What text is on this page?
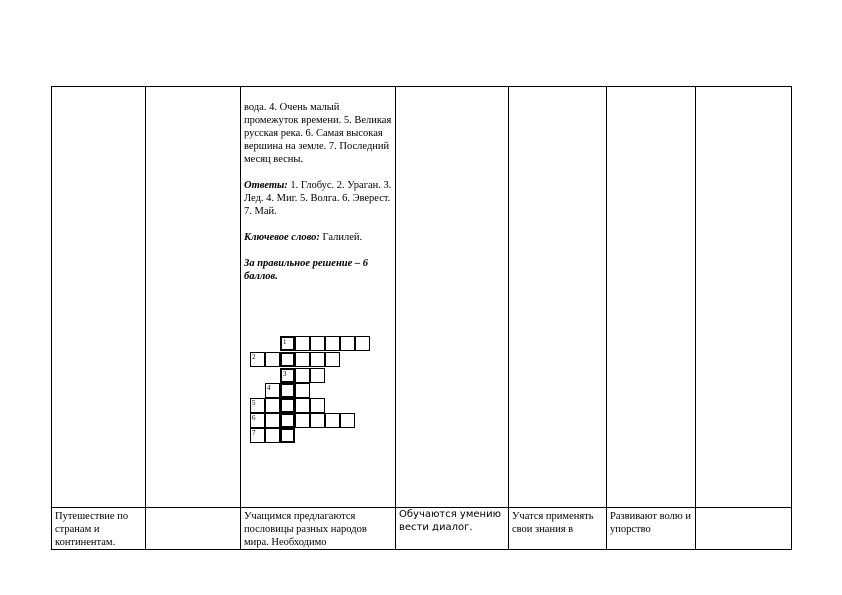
вода. 4. Очень малый промежуток времени. 5. Великая русская река. 6. Самая высокая вершина на земле. 7. Последний месяц весны.

Ответы: 1. Глобус. 2. Ураган. 3. Лед. 4. Миг. 5. Волга. 6. Эверест. 7. Май.

Ключевое слово: Галилей.

За правильное решение – 6 баллов.

1
2
3
4
5
6
7
Путешествие по странам и континентам.
Учащимся предлагаются пословицы разных народов мира. Необходимо
Обучаются умению вести диалог.
Учатся применять свои знания в
Развивают волю и упорство
